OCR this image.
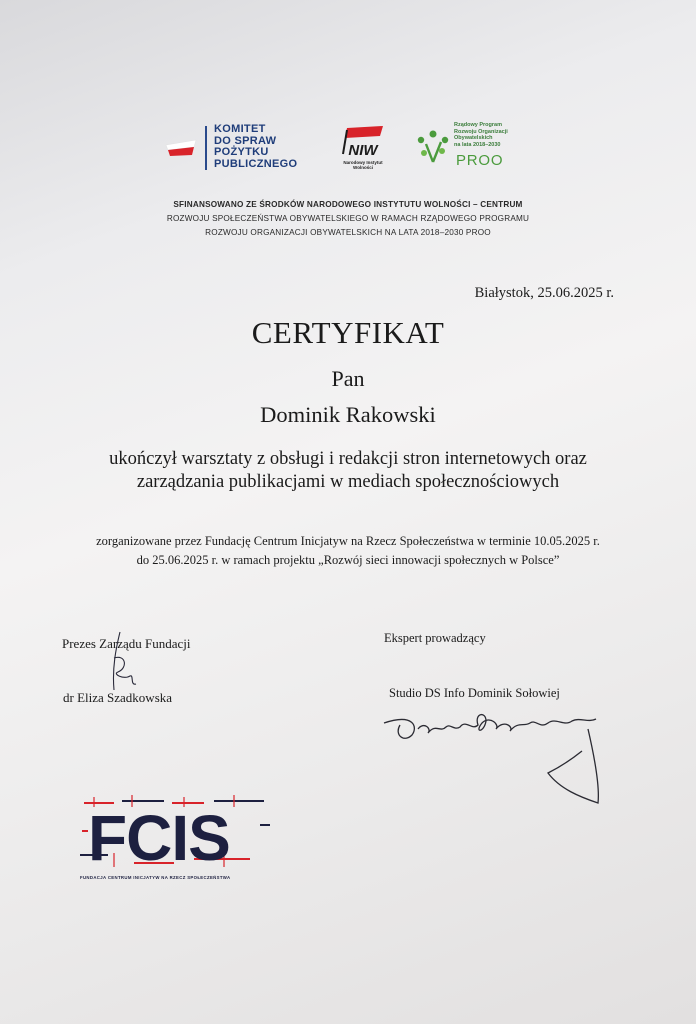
KOMITET
DO SPRAW
POŻYTKU
PUBLICZNEGO
NIW
Narodowy Instytut Wolności
Rządowy Program
Rozwoju Organizacji
Obywatelskich
na lata 2018–2030
PROO
SFINANSOWANO ZE ŚRODKÓW NARODOWEGO INSTYTUTU WOLNOŚCI – CENTRUM
ROZWOJU SPOŁECZEŃSTWA OBYWATELSKIEGO W RAMACH RZĄDOWEGO PROGRAMU
ROZWOJU ORGANIZACJI OBYWATELSKICH NA LATA 2018–2030 PROO
Białystok, 25.06.2025 r.
CERTYFIKAT
Pan
Dominik Rakowski
ukończył warsztaty z obsługi i redakcji stron internetowych oraz
zarządzania publikacjami w mediach społecznościowych
zorganizowane przez Fundację Centrum Inicjatyw na Rzecz Społeczeństwa w terminie 10.05.2025 r.
do 25.06.2025 r. w ramach projektu „Rozwój sieci innowacji społecznych w Polsce”
Prezes Zarządu Fundacji
dr Eliza Szadkowska
Ekspert prowadzący
Studio DS Info Dominik Sołowiej
FCIS
FUNDACJA CENTRUM INICJATYW NA RZECZ SPOŁECZEŃSTWA
